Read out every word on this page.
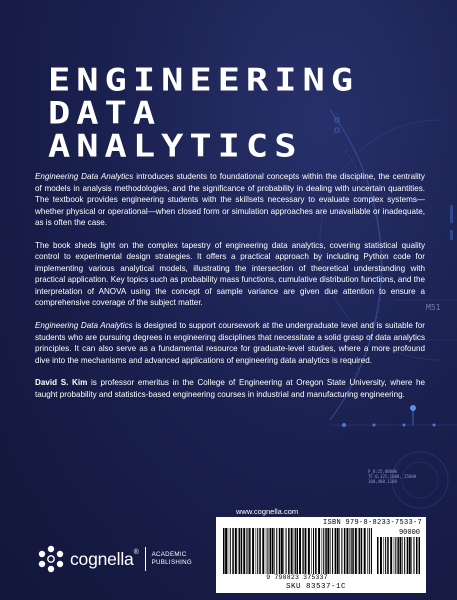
M51
P_0:25,0800W
TF:0,325,1000, 2500H
100,400,1100
ENGINEERING
DATA
ANALYTICS

Engineering Data Analytics introduces students to foundational concepts within the discipline, the centrality of models in analysis methodologies, and the significance of probability in dealing with uncertain quantities. The textbook provides engineering students with the skillsets necessary to evaluate complex systems—whether physical or operational—when closed form or simulation approaches are unavailable or inadequate, as is often the case.

The book sheds light on the complex tapestry of engineering data analytics, covering statistical quality control to experimental design strategies. It offers a practical approach by including Python code for implementing various analytical models, illustrating the intersection of theoretical understanding with practical application. Key topics such as probability mass functions, cumulative distribution functions, and the interpretation of ANOVA using the concept of sample variance are given due attention to ensure a comprehensive coverage of the subject matter.

Engineering Data Analytics is designed to support coursework at the undergraduate level and is suitable for students who are pursuing degrees in engineering disciplines that necessitate a solid grasp of data analytics principles. It can also serve as a fundamental resource for graduate-level studies, where a more profound dive into the mechanisms and advanced applications of engineering data analytics is required.

David S. Kim is professor emeritus in the College of Engineering at Oregon State University, where he taught probability and statistics-based engineering courses in industrial and manufacturing engineering.

www.cognella.com
ISBN 979-8-8233-7533-7
90000
9 798823 375337
SKU 83537-1C
cognella® ACADEMIC
PUBLISHING
